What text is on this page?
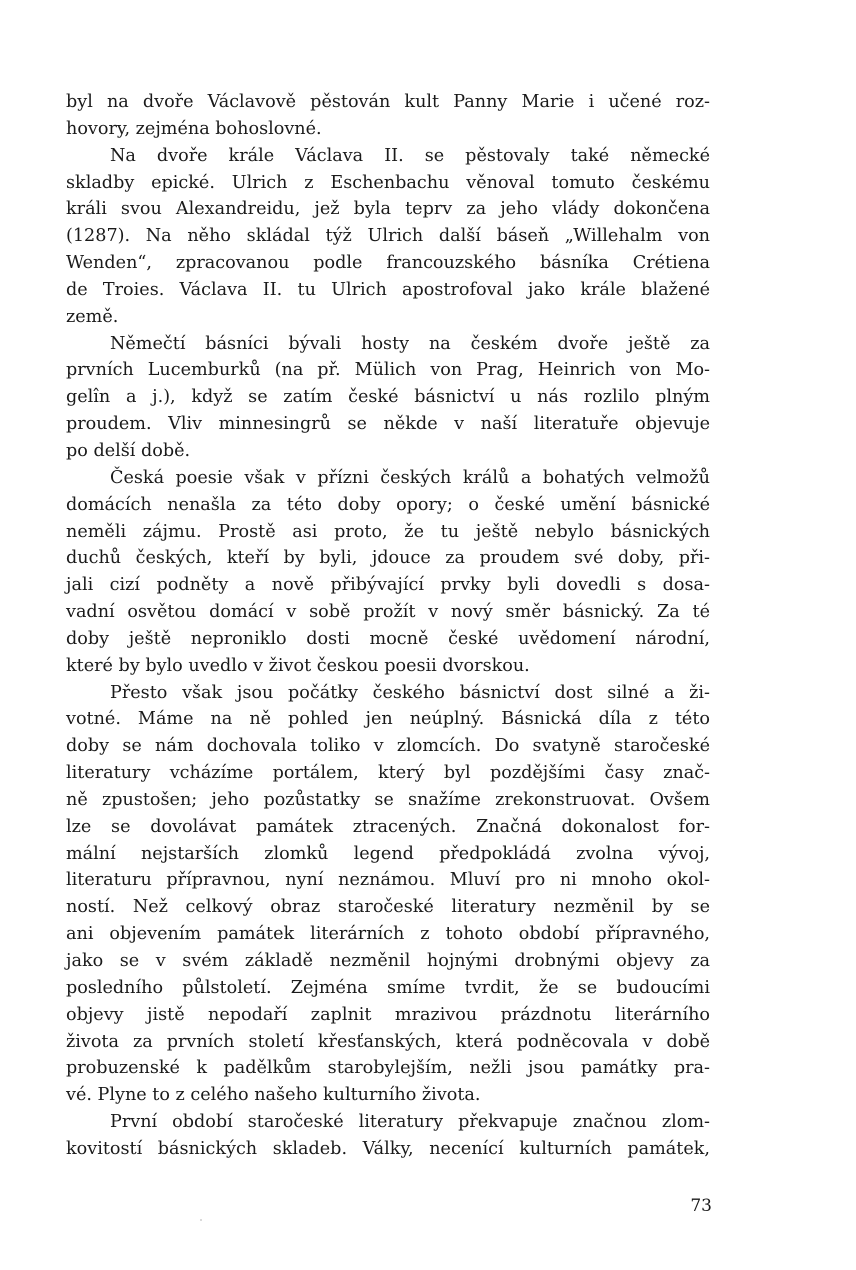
byl na dvoře Václavově pěstován kult Panny Marie i učené roz-
hovory, zejména bohoslovné.

Na dvoře krále Václava II. se pěstovaly také německé
skladby epické. Ulrich z Eschenbachu věnoval tomuto českému
králi svou Alexandreidu, jež byla teprv za jeho vlády dokončena
(1287). Na něho skládal týž Ulrich další báseň „Willehalm von
Wenden“, zpracovanou podle francouzského básníka Crétiena
de Troies. Václava II. tu Ulrich apostrofoval jako krále blažené
země.

Němečtí básníci bývali hosty na českém dvoře ještě za
prvních Lucemburků (na př. Mülich von Prag, Heinrich von Mo-
gelîn a j.), když se zatím české básnictví u nás rozlilo plným
proudem. Vliv minnesingrů se někde v naší literatuře objevuje
po delší době.

Česká poesie však v přízni českých králů a bohatých velmožů
domácích nenašla za této doby opory; o české umění básnické
neměli zájmu. Prostě asi proto, že tu ještě nebylo básnických
duchů českých, kteří by byli, jdouce za proudem své doby, při-
jali cizí podněty a nově přibývající prvky byli dovedli s dosa-
vadní osvětou domácí v sobě prožít v nový směr básnický. Za té
doby ještě neproniklo dosti mocně české uvědomení národní,
které by bylo uvedlo v život českou poesii dvorskou.

Přesto však jsou počátky českého básnictví dost silné a ži-
votné. Máme na ně pohled jen neúplný. Básnická díla z této
doby se nám dochovala toliko v zlomcích. Do svatyně staročeské
literatury vcházíme portálem, který byl pozdějšími časy znač-
ně zpustošen; jeho pozůstatky se snažíme zrekonstruovat. Ovšem
lze se dovolávat památek ztracených. Značná dokonalost for-
mální nejstarších zlomků legend předpokládá zvolna vývoj,
literaturu přípravnou, nyní neznámou. Mluví pro ni mnoho okol-
ností. Než celkový obraz staročeské literatury nezměnil by se
ani objevením památek literárních z tohoto období přípravného,
jako se v svém základě nezměnil hojnými drobnými objevy za
posledního půlstoletí. Zejména smíme tvrdit, že se budoucími
objevy jistě nepodaří zaplnit mrazivou prázdnotu literárního
života za prvních století křesťanských, která podněcovala v době
probuzenské k padělkům starobylejším, nežli jsou památky pra-
vé. Plyne to z celého našeho kulturního života.

První období staročeské literatury překvapuje značnou zlom-
kovitostí básnických skladeb. Války, necenící kulturních památek,

73
